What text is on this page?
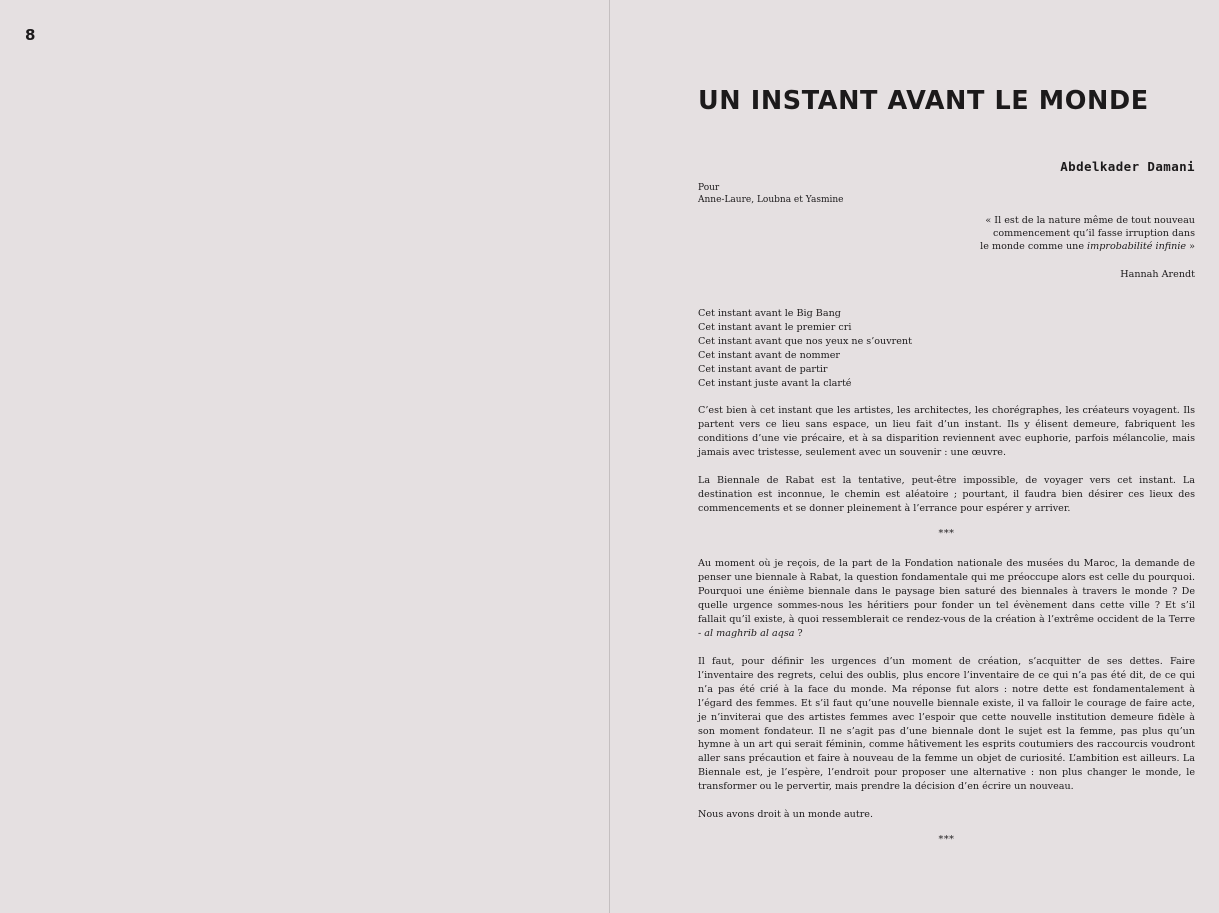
8
UN INSTANT AVANT LE MONDE
Abdelkader Damani
Pour
Anne-Laure, Loubna et Yasmine
« Il est de la nature même de tout nouveau
commencement qu’il fasse irruption dans
le monde comme une improbabilité infinie »
Hannah Arendt
Cet instant avant le Big Bang
Cet instant avant le premier cri
Cet instant avant que nos yeux ne s’ouvrent
Cet instant avant de nommer
Cet instant avant de partir
Cet instant juste avant la clarté

C’est bien à cet instant que les artistes, les architectes, les chorégraphes, les créateurs voyagent. Ils partent vers ce lieu sans espace, un lieu fait d’un instant. Ils y élisent demeure, fabriquent les conditions d’une vie précaire, et à sa disparition reviennent avec euphorie, parfois mélancolie, mais jamais avec tristesse, seulement avec un souvenir : une œuvre.

La Biennale de Rabat est la tentative, peut-être impossible, de voyager vers cet instant. La destination est inconnue, le chemin est aléatoire ; pourtant, il faudra bien désirer ces lieux des commencements et se donner pleinement à l’errance pour espérer y arriver.

***

Au moment où je reçois, de la part de la Fondation nationale des musées du Maroc, la demande de penser une biennale à Rabat, la question fondamentale qui me préoccupe alors est celle du pourquoi. Pourquoi une énième biennale dans le paysage bien saturé des biennales à travers le monde ? De quelle urgence sommes-nous les héritiers pour fonder un tel évènement dans cette ville ? Et s’il fallait qu’il existe, à quoi ressemblerait ce rendez-vous de la création à l’extrême occident de la Terre - al maghrib al aqsa ?

Il faut, pour définir les urgences d’un moment de création, s’acquitter de ses dettes. Faire l’inventaire des regrets, celui des oublis, plus encore l’inventaire de ce qui n’a pas été dit, de ce qui n’a pas été crié à la face du monde. Ma réponse fut alors : notre dette est fondamentalement à l’égard des femmes. Et s’il faut qu’une nouvelle biennale existe, il va falloir le courage de faire acte, je n’inviterai que des artistes femmes avec l’espoir que cette nouvelle institution demeure fidèle à son moment fondateur. Il ne s’agit pas d’une biennale dont le sujet est la femme, pas plus qu’un hymne à un art qui serait féminin, comme hâtivement les esprits coutumiers des raccourcis voudront aller sans précaution et faire à nouveau de la femme un objet de curiosité. L’ambition est ailleurs. La Biennale est, je l’espère, l’endroit pour proposer une alternative : non plus changer le monde, le transformer ou le pervertir, mais prendre la décision d’en écrire un nouveau.

Nous avons droit à un monde autre.

***
